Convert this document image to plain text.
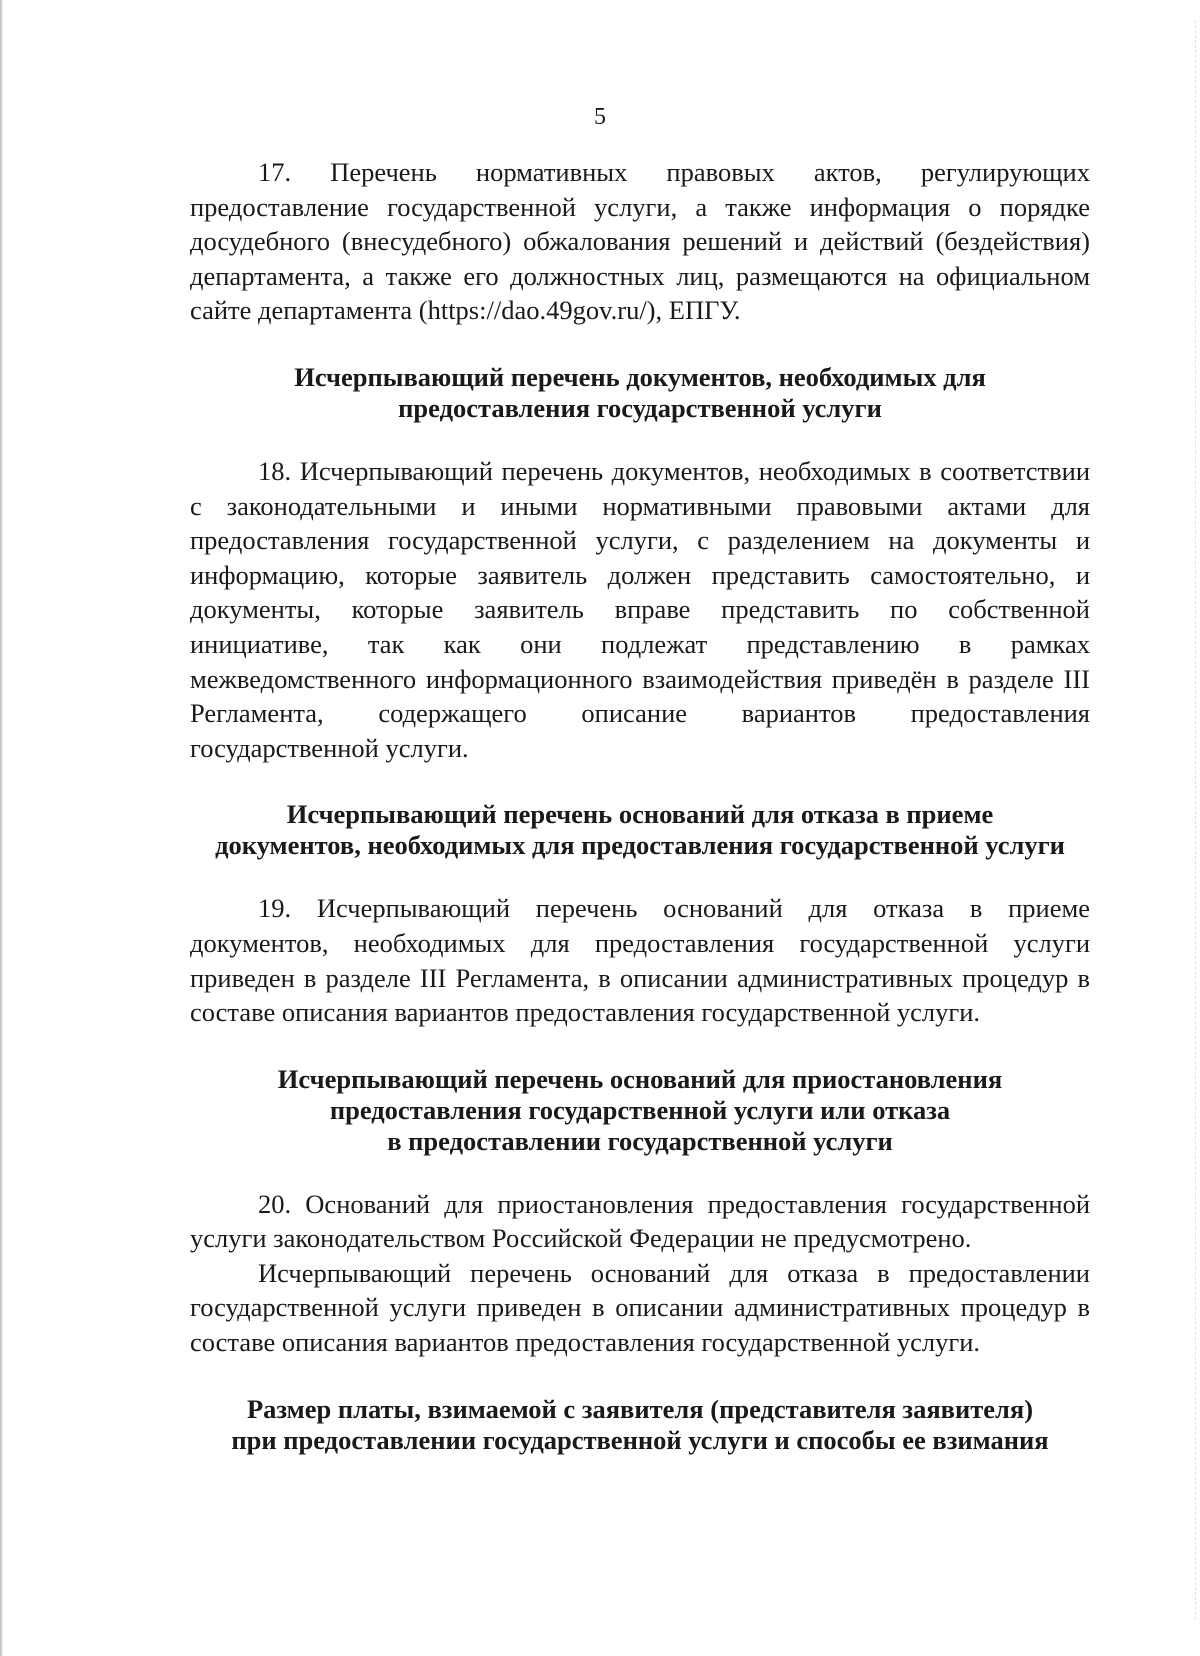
5

17. Перечень нормативных правовых актов, регулирующих предоставление государственной услуги, а также информация о порядке досудебного (внесудебного) обжалования решений и действий (бездействия) департамента, а также его должностных лиц, размещаются на официальном сайте департамента (https://dao.49gov.ru/), ЕПГУ.

Исчерпывающий перечень документов, необходимых для
предоставления государственной услуги

18. Исчерпывающий перечень документов, необходимых в соответствии с законодательными и иными нормативными правовыми актами для предоставления государственной услуги, с разделением на документы и информацию, которые заявитель должен представить самостоятельно, и документы, которые заявитель вправе представить по собственной инициативе, так как они подлежат представлению в рамках межведомственного информационного взаимодействия приведён в разделе III Регламента, содержащего описание вариантов предоставления государственной услуги.

Исчерпывающий перечень оснований для отказа в приеме
документов, необходимых для предоставления государственной услуги

19. Исчерпывающий перечень оснований для отказа в приеме документов, необходимых для предоставления государственной услуги приведен в разделе III Регламента, в описании административных процедур в составе описания вариантов предоставления государственной услуги.

Исчерпывающий перечень оснований для приостановления
предоставления государственной услуги или отказа
в предоставлении государственной услуги

20. Оснований для приостановления предоставления государственной услуги законодательством Российской Федерации не предусмотрено.

Исчерпывающий перечень оснований для отказа в предоставлении государственной услуги приведен в описании административных процедур в составе описания вариантов предоставления государственной услуги.

Размер платы, взимаемой с заявителя (представителя заявителя)
при предоставлении государственной услуги и способы ее взимания
